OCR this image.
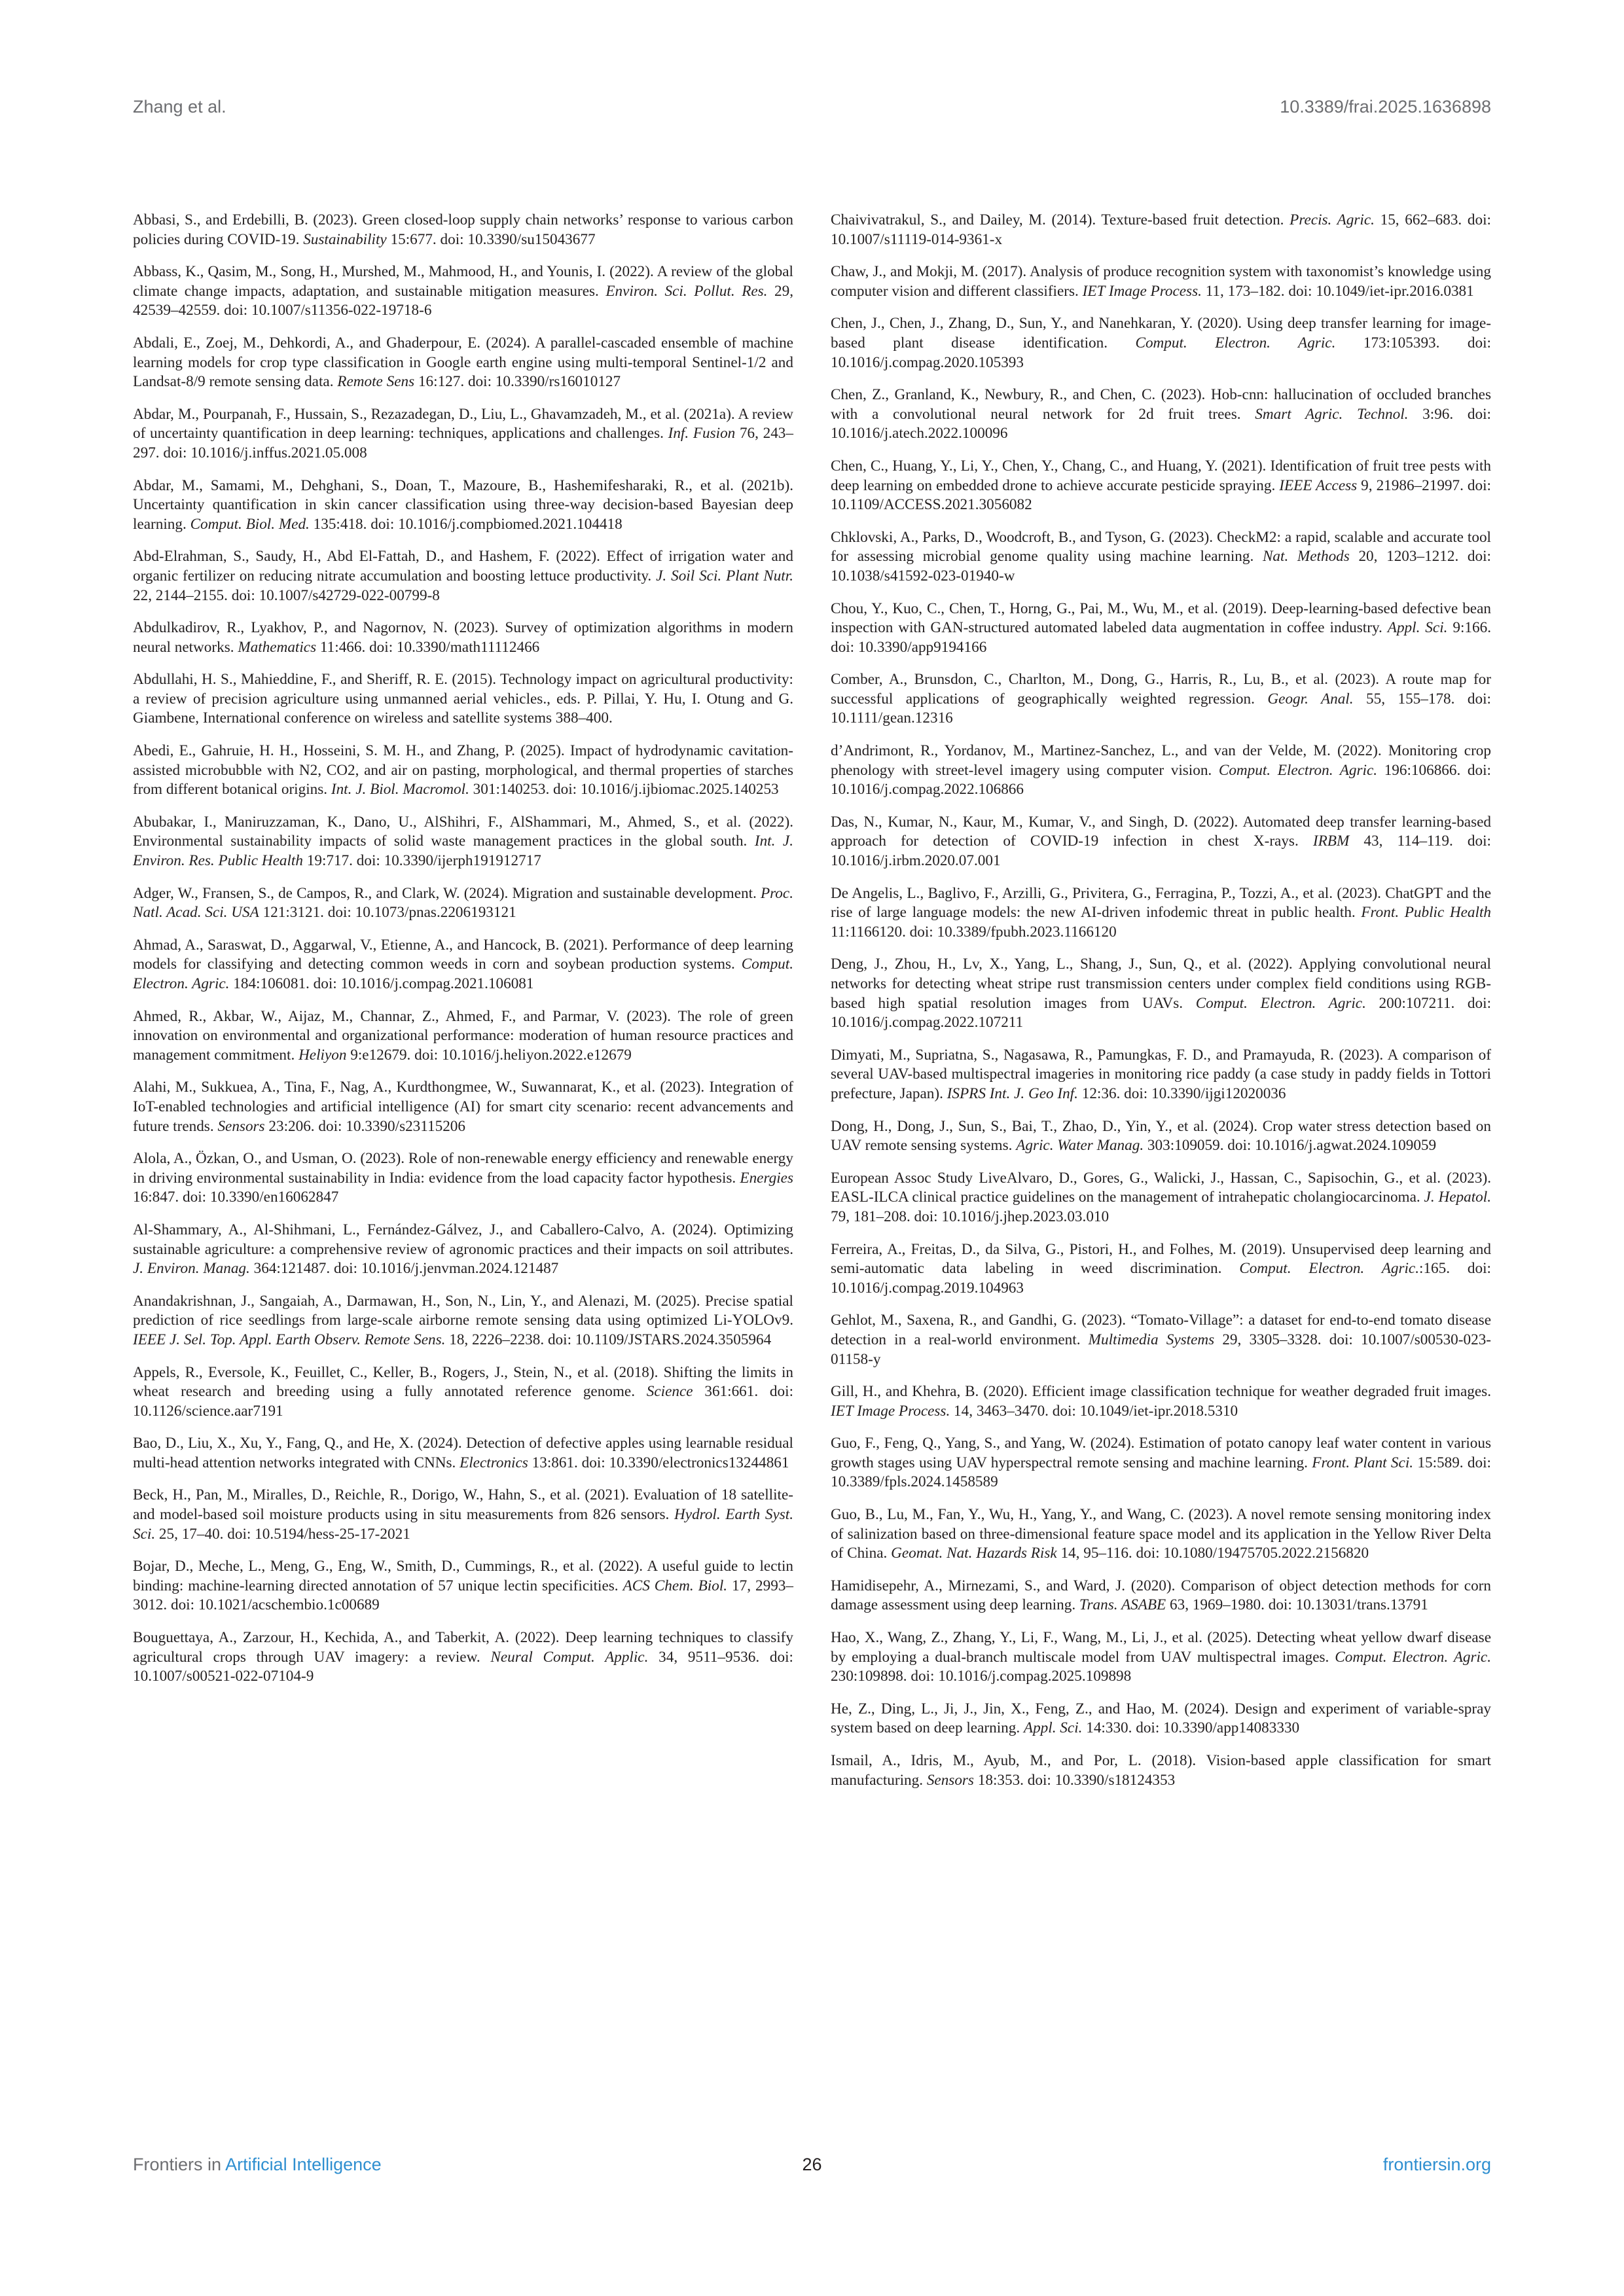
Zhang et al.	10.3389/frai.2025.1636898

Abbasi, S., and Erdebilli, B. (2023). Green closed-loop supply chain networks’ response to various carbon policies during COVID-19. Sustainability 15:677. doi: 10.3390/su15043677

Abbass, K., Qasim, M., Song, H., Murshed, M., Mahmood, H., and Younis, I. (2022). A review of the global climate change impacts, adaptation, and sustainable mitigation measures. Environ. Sci. Pollut. Res. 29, 42539–42559. doi: 10.1007/s11356-022-19718-6

Abdali, E., Zoej, M., Dehkordi, A., and Ghaderpour, E. (2024). A parallel-cascaded ensemble of machine learning models for crop type classification in Google earth engine using multi-temporal Sentinel-1/2 and Landsat-8/9 remote sensing data. Remote Sens 16:127. doi: 10.3390/rs16010127

Abdar, M., Pourpanah, F., Hussain, S., Rezazadegan, D., Liu, L., Ghavamzadeh, M., et al. (2021a). A review of uncertainty quantification in deep learning: techniques, applications and challenges. Inf. Fusion 76, 243–297. doi: 10.1016/j.inffus.2021.05.008

Abdar, M., Samami, M., Dehghani, S., Doan, T., Mazoure, B., Hashemifesharaki, R., et al. (2021b). Uncertainty quantification in skin cancer classification using three-way decision-based Bayesian deep learning. Comput. Biol. Med. 135:418. doi: 10.1016/j.compbiomed.2021.104418

Abd-Elrahman, S., Saudy, H., Abd El-Fattah, D., and Hashem, F. (2022). Effect of irrigation water and organic fertilizer on reducing nitrate accumulation and boosting lettuce productivity. J. Soil Sci. Plant Nutr. 22, 2144–2155. doi: 10.1007/s42729-022-00799-8

Abdulkadirov, R., Lyakhov, P., and Nagornov, N. (2023). Survey of optimization algorithms in modern neural networks. Mathematics 11:466. doi: 10.3390/math11112466

Abdullahi, H. S., Mahieddine, F., and Sheriff, R. E. (2015). Technology impact on agricultural productivity: a review of precision agriculture using unmanned aerial vehicles., eds. P. Pillai, Y. Hu, I. Otung and G. Giambene, International conference on wireless and satellite systems 388–400.

Abedi, E., Gahruie, H. H., Hosseini, S. M. H., and Zhang, P. (2025). Impact of hydrodynamic cavitation-assisted microbubble with N2, CO2, and air on pasting, morphological, and thermal properties of starches from different botanical origins. Int. J. Biol. Macromol. 301:140253. doi: 10.1016/j.ijbiomac.2025.140253

Abubakar, I., Maniruzzaman, K., Dano, U., AlShihri, F., AlShammari, M., Ahmed, S., et al. (2022). Environmental sustainability impacts of solid waste management practices in the global south. Int. J. Environ. Res. Public Health 19:717. doi: 10.3390/ijerph191912717

Adger, W., Fransen, S., de Campos, R., and Clark, W. (2024). Migration and sustainable development. Proc. Natl. Acad. Sci. USA 121:3121. doi: 10.1073/pnas.2206193121

Ahmad, A., Saraswat, D., Aggarwal, V., Etienne, A., and Hancock, B. (2021). Performance of deep learning models for classifying and detecting common weeds in corn and soybean production systems. Comput. Electron. Agric. 184:106081. doi: 10.1016/j.compag.2021.106081

Ahmed, R., Akbar, W., Aijaz, M., Channar, Z., Ahmed, F., and Parmar, V. (2023). The role of green innovation on environmental and organizational performance: moderation of human resource practices and management commitment. Heliyon 9:e12679. doi: 10.1016/j.heliyon.2022.e12679

Alahi, M., Sukkuea, A., Tina, F., Nag, A., Kurdthongmee, W., Suwannarat, K., et al. (2023). Integration of IoT-enabled technologies and artificial intelligence (AI) for smart city scenario: recent advancements and future trends. Sensors 23:206. doi: 10.3390/s23115206

Alola, A., Özkan, O., and Usman, O. (2023). Role of non-renewable energy efficiency and renewable energy in driving environmental sustainability in India: evidence from the load capacity factor hypothesis. Energies 16:847. doi: 10.3390/en16062847

Al-Shammary, A., Al-Shihmani, L., Fernández-Gálvez, J., and Caballero-Calvo, A. (2024). Optimizing sustainable agriculture: a comprehensive review of agronomic practices and their impacts on soil attributes. J. Environ. Manag. 364:121487. doi: 10.1016/j.jenvman.2024.121487

Anandakrishnan, J., Sangaiah, A., Darmawan, H., Son, N., Lin, Y., and Alenazi, M. (2025). Precise spatial prediction of rice seedlings from large-scale airborne remote sensing data using optimized Li-YOLOv9. IEEE J. Sel. Top. Appl. Earth Observ. Remote Sens. 18, 2226–2238. doi: 10.1109/JSTARS.2024.3505964

Appels, R., Eversole, K., Feuillet, C., Keller, B., Rogers, J., Stein, N., et al. (2018). Shifting the limits in wheat research and breeding using a fully annotated reference genome. Science 361:661. doi: 10.1126/science.aar7191

Bao, D., Liu, X., Xu, Y., Fang, Q., and He, X. (2024). Detection of defective apples using learnable residual multi-head attention networks integrated with CNNs. Electronics 13:861. doi: 10.3390/electronics13244861

Beck, H., Pan, M., Miralles, D., Reichle, R., Dorigo, W., Hahn, S., et al. (2021). Evaluation of 18 satellite- and model-based soil moisture products using in situ measurements from 826 sensors. Hydrol. Earth Syst. Sci. 25, 17–40. doi: 10.5194/hess-25-17-2021

Bojar, D., Meche, L., Meng, G., Eng, W., Smith, D., Cummings, R., et al. (2022). A useful guide to lectin binding: machine-learning directed annotation of 57 unique lectin specificities. ACS Chem. Biol. 17, 2993–3012. doi: 10.1021/acschembio.1c00689

Bouguettaya, A., Zarzour, H., Kechida, A., and Taberkit, A. (2022). Deep learning techniques to classify agricultural crops through UAV imagery: a review. Neural Comput. Applic. 34, 9511–9536. doi: 10.1007/s00521-022-07104-9

Chaivivatrakul, S., and Dailey, M. (2014). Texture-based fruit detection. Precis. Agric. 15, 662–683. doi: 10.1007/s11119-014-9361-x

Chaw, J., and Mokji, M. (2017). Analysis of produce recognition system with taxonomist’s knowledge using computer vision and different classifiers. IET Image Process. 11, 173–182. doi: 10.1049/iet-ipr.2016.0381

Chen, J., Chen, J., Zhang, D., Sun, Y., and Nanehkaran, Y. (2020). Using deep transfer learning for image-based plant disease identification. Comput. Electron. Agric. 173:105393. doi: 10.1016/j.compag.2020.105393

Chen, Z., Granland, K., Newbury, R., and Chen, C. (2023). Hob-cnn: hallucination of occluded branches with a convolutional neural network for 2d fruit trees. Smart Agric. Technol. 3:96. doi: 10.1016/j.atech.2022.100096

Chen, C., Huang, Y., Li, Y., Chen, Y., Chang, C., and Huang, Y. (2021). Identification of fruit tree pests with deep learning on embedded drone to achieve accurate pesticide spraying. IEEE Access 9, 21986–21997. doi: 10.1109/ACCESS.2021.3056082

Chklovski, A., Parks, D., Woodcroft, B., and Tyson, G. (2023). CheckM2: a rapid, scalable and accurate tool for assessing microbial genome quality using machine learning. Nat. Methods 20, 1203–1212. doi: 10.1038/s41592-023-01940-w

Chou, Y., Kuo, C., Chen, T., Horng, G., Pai, M., Wu, M., et al. (2019). Deep-learning-based defective bean inspection with GAN-structured automated labeled data augmentation in coffee industry. Appl. Sci. 9:166. doi: 10.3390/app9194166

Comber, A., Brunsdon, C., Charlton, M., Dong, G., Harris, R., Lu, B., et al. (2023). A route map for successful applications of geographically weighted regression. Geogr. Anal. 55, 155–178. doi: 10.1111/gean.12316

d’Andrimont, R., Yordanov, M., Martinez-Sanchez, L., and van der Velde, M. (2022). Monitoring crop phenology with street-level imagery using computer vision. Comput. Electron. Agric. 196:106866. doi: 10.1016/j.compag.2022.106866

Das, N., Kumar, N., Kaur, M., Kumar, V., and Singh, D. (2022). Automated deep transfer learning-based approach for detection of COVID-19 infection in chest X-rays. IRBM 43, 114–119. doi: 10.1016/j.irbm.2020.07.001

De Angelis, L., Baglivo, F., Arzilli, G., Privitera, G., Ferragina, P., Tozzi, A., et al. (2023). ChatGPT and the rise of large language models: the new AI-driven infodemic threat in public health. Front. Public Health 11:1166120. doi: 10.3389/fpubh.2023.1166120

Deng, J., Zhou, H., Lv, X., Yang, L., Shang, J., Sun, Q., et al. (2022). Applying convolutional neural networks for detecting wheat stripe rust transmission centers under complex field conditions using RGB-based high spatial resolution images from UAVs. Comput. Electron. Agric. 200:107211. doi: 10.1016/j.compag.2022.107211

Dimyati, M., Supriatna, S., Nagasawa, R., Pamungkas, F. D., and Pramayuda, R. (2023). A comparison of several UAV-based multispectral imageries in monitoring rice paddy (a case study in paddy fields in Tottori prefecture, Japan). ISPRS Int. J. Geo Inf. 12:36. doi: 10.3390/ijgi12020036

Dong, H., Dong, J., Sun, S., Bai, T., Zhao, D., Yin, Y., et al. (2024). Crop water stress detection based on UAV remote sensing systems. Agric. Water Manag. 303:109059. doi: 10.1016/j.agwat.2024.109059

European Assoc Study LiveAlvaro, D., Gores, G., Walicki, J., Hassan, C., Sapisochin, G., et al. (2023). EASL-ILCA clinical practice guidelines on the management of intrahepatic cholangiocarcinoma. J. Hepatol. 79, 181–208. doi: 10.1016/j.jhep.2023.03.010

Ferreira, A., Freitas, D., da Silva, G., Pistori, H., and Folhes, M. (2019). Unsupervised deep learning and semi-automatic data labeling in weed discrimination. Comput. Electron. Agric.:165. doi: 10.1016/j.compag.2019.104963

Gehlot, M., Saxena, R., and Gandhi, G. (2023). “Tomato-Village”: a dataset for end-to-end tomato disease detection in a real-world environment. Multimedia Systems 29, 3305–3328. doi: 10.1007/s00530-023-01158-y

Gill, H., and Khehra, B. (2020). Efficient image classification technique for weather degraded fruit images. IET Image Process. 14, 3463–3470. doi: 10.1049/iet-ipr.2018.5310

Guo, F., Feng, Q., Yang, S., and Yang, W. (2024). Estimation of potato canopy leaf water content in various growth stages using UAV hyperspectral remote sensing and machine learning. Front. Plant Sci. 15:589. doi: 10.3389/fpls.2024.1458589

Guo, B., Lu, M., Fan, Y., Wu, H., Yang, Y., and Wang, C. (2023). A novel remote sensing monitoring index of salinization based on three-dimensional feature space model and its application in the Yellow River Delta of China. Geomat. Nat. Hazards Risk 14, 95–116. doi: 10.1080/19475705.2022.2156820

Hamidisepehr, A., Mirnezami, S., and Ward, J. (2020). Comparison of object detection methods for corn damage assessment using deep learning. Trans. ASABE 63, 1969–1980. doi: 10.13031/trans.13791

Hao, X., Wang, Z., Zhang, Y., Li, F., Wang, M., Li, J., et al. (2025). Detecting wheat yellow dwarf disease by employing a dual-branch multiscale model from UAV multispectral images. Comput. Electron. Agric. 230:109898. doi: 10.1016/j.compag.2025.109898

He, Z., Ding, L., Ji, J., Jin, X., Feng, Z., and Hao, M. (2024). Design and experiment of variable-spray system based on deep learning. Appl. Sci. 14:330. doi: 10.3390/app14083330

Ismail, A., Idris, M., Ayub, M., and Por, L. (2018). Vision-based apple classification for smart manufacturing. Sensors 18:353. doi: 10.3390/s18124353

Frontiers in Artificial Intelligence	26	frontiersin.org
